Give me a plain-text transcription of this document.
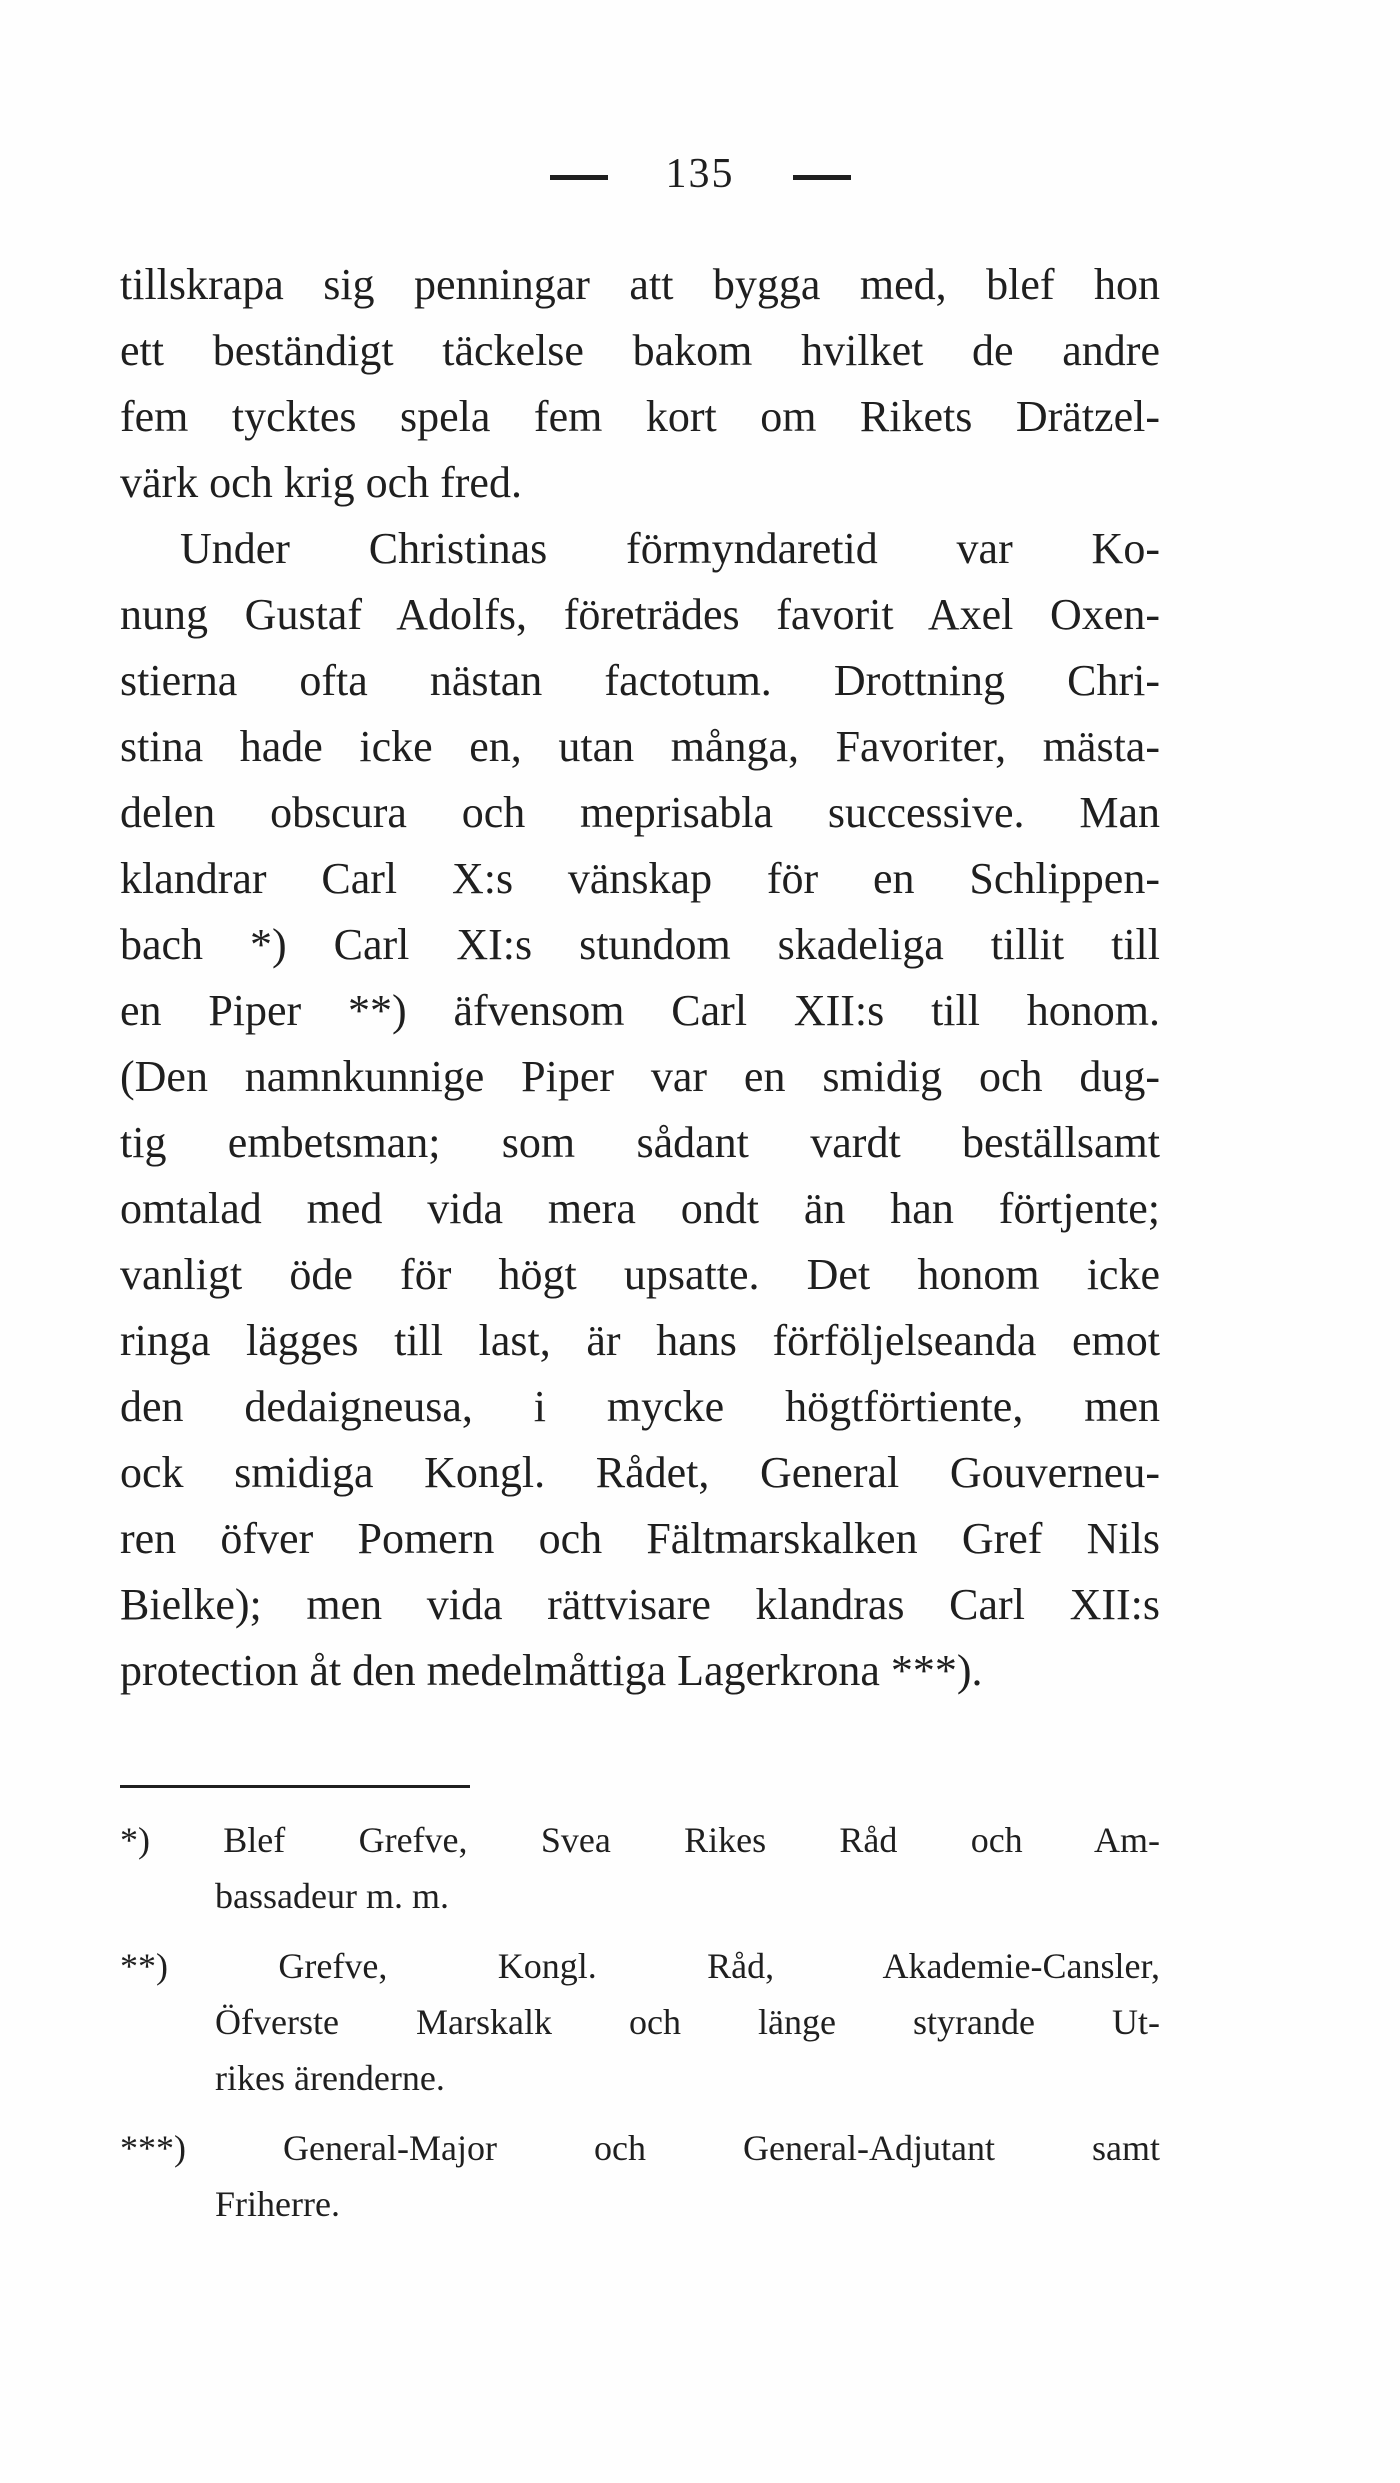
135
tillskrapa sig penningar att bygga med, blef hon
ett beständigt täckelse bakom hvilket de andre
fem tycktes spela fem kort om Rikets Drätzel-
värk och krig och fred.
Under Christinas förmyndaretid var Ko-
nung Gustaf Adolfs, företrädes favorit Axel Oxen-
stierna ofta nästan factotum. Drottning Chri-
stina hade icke en, utan många, Favoriter, mästa-
delen obscura och meprisabla successive. Man
klandrar Carl X:s vänskap för en Schlippen-
bach *) Carl XI:s stundom skadeliga tillit till
en Piper **) äfvensom Carl XII:s till honom.
(Den namnkunnige Piper var en smidig och dug-
tig embetsman; som sådant vardt beställsamt
omtalad med vida mera ondt än han förtjente;
vanligt öde för högt upsatte. Det honom icke
ringa lägges till last, är hans förföljelseanda emot
den dedaigneusa, i mycke högtförtiente, men
ock smidiga Kongl. Rådet, General Gouverneu-
ren öfver Pomern och Fältmarskalken Gref Nils
Bielke); men vida rättvisare klandras Carl XII:s
protection åt den medelmåttiga Lagerkrona ***).
*) Blef Grefve, Svea Rikes Råd och Am-
bassadeur m. m.
**) Grefve, Kongl. Råd, Akademie-Cansler,
Öfverste Marskalk och länge styrande Ut-
rikes ärenderne.
***) General-Major och General-Adjutant samt
Friherre.
